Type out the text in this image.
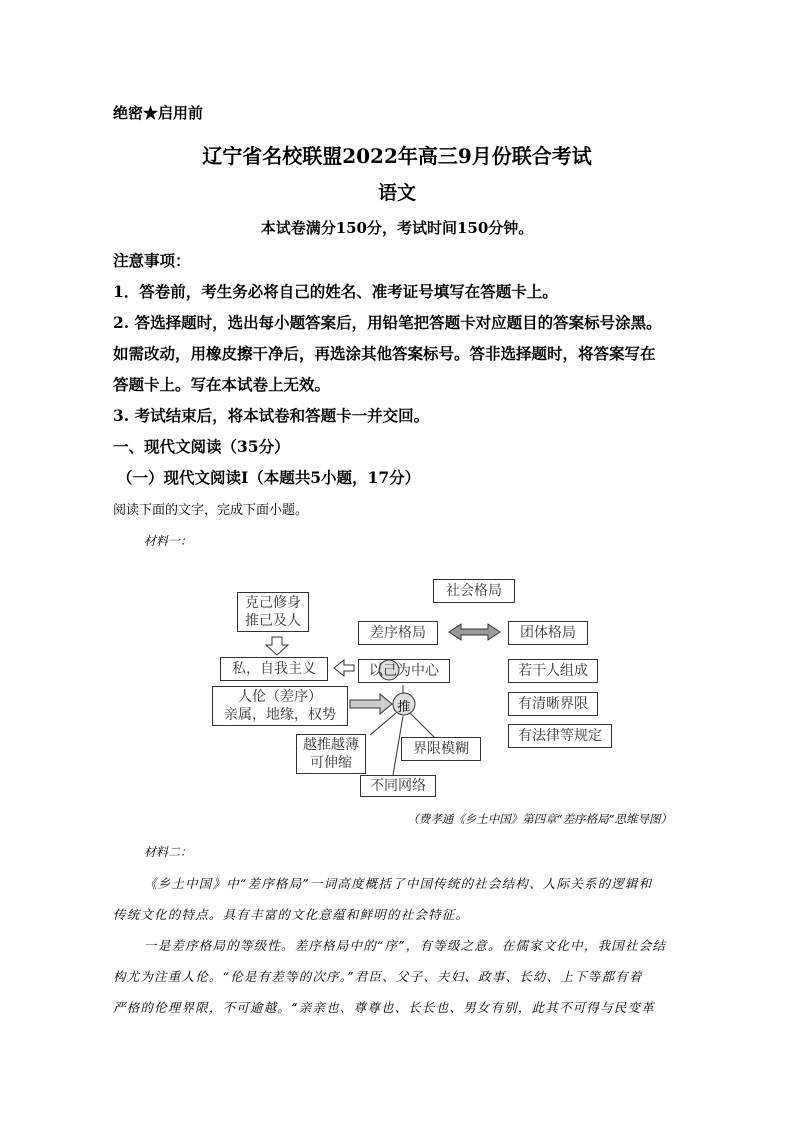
绝密★启用前
辽宁省名校联盟2022年高三9月份联合考试
语文
本试卷满分150分，考试时间150分钟。
注意事项：
1．答卷前，考生务必将自己的姓名、准考证号填写在答题卡上。
2. 答选择题时，选出每小题答案后，用铅笔把答题卡对应题目的答案标号涂黑。
如需改动，用橡皮擦干净后，再选涂其他答案标号。答非选择题时，将答案写在
答题卡上。写在本试卷上无效。
3. 考试结束后，将本试卷和答题卡一并交回。
一、现代文阅读（35分）
（一）现代文阅读Ⅰ（本题共5小题，17分）
阅读下面的文字，完成下面小题。
材料一：
克己修身
推己及人
私，自我主义
人伦（差序）
亲属，地缘，权势
社会格局
差序格局	团体格局
以己为中心
推
越推越薄
可伸缩
界限模糊
不同网络
若干人组成
有清晰界限
有法律等规定
（费孝通《乡土中国》第四章“差序格局”思维导图）
材料二：
《乡土中国》中“差序格局”一词高度概括了中国传统的社会结构、人际关系的逻辑和
传统文化的特点。具有丰富的文化意蕴和鲜明的社会特征。
一是差序格局的等级性。差序格局中的“序”，有等级之意。在儒家文化中，我国社会结
构尤为注重人伦。“伦是有差等的次序。”君臣、父子、夫妇、政事、长幼、上下等都有着
严格的伦理界限，不可逾越。“亲亲也、尊尊也、长长也、男女有别，此其不可得与民变革
